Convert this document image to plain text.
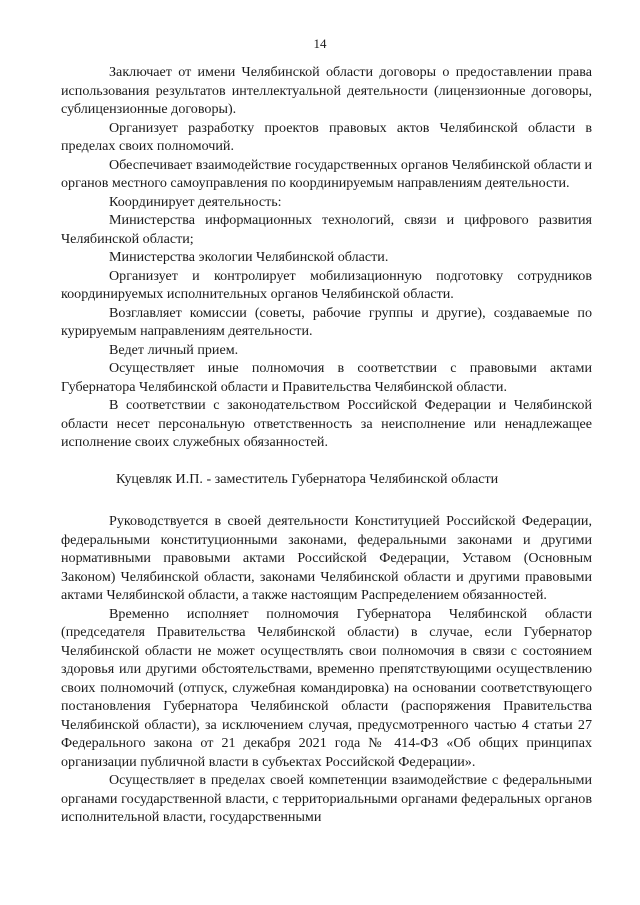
14

Заключает от имени Челябинской области договоры о предоставлении права использования результатов интеллектуальной деятельности (лицензионные договоры, сублицензионные договоры).

Организует разработку проектов правовых актов Челябинской области в пределах своих полномочий.

Обеспечивает взаимодействие государственных органов Челябинской области и органов местного самоуправления по координируемым направлениям деятельности.

Координирует деятельность:

Министерства информационных технологий, связи и цифрового развития Челябинской области;

Министерства экологии Челябинской области.

Организует и контролирует мобилизационную подготовку сотрудников координируемых исполнительных органов Челябинской области.

Возглавляет комиссии (советы, рабочие группы и другие), создаваемые по курируемым направлениям деятельности.

Ведет личный прием.

Осуществляет иные полномочия в соответствии с правовыми актами Губернатора Челябинской области и Правительства Челябинской области.

В соответствии с законодательством Российской Федерации и Челябинской области несет персональную ответственность за неисполнение или ненадлежащее исполнение своих служебных обязанностей.

Куцевляк И.П. - заместитель Губернатора Челябинской области

Руководствуется в своей деятельности Конституцией Российской Федерации, федеральными конституционными законами, федеральными законами и другими нормативными правовыми актами Российской Федерации, Уставом (Основным Законом) Челябинской области, законами Челябинской области и другими правовыми актами Челябинской области, а также настоящим Распределением обязанностей.

Временно исполняет полномочия Губернатора Челябинской области (председателя Правительства Челябинской области) в случае, если Губернатор Челябинской области не может осуществлять свои полномочия в связи с состоянием здоровья или другими обстоятельствами, временно препятствующими осуществлению своих полномочий (отпуск, служебная командировка) на основании соответствующего постановления Губернатора Челябинской области (распоряжения Правительства Челябинской области), за исключением случая, предусмотренного частью 4 статьи 27 Федерального закона от 21 декабря 2021 года № 414-ФЗ «Об общих принципах организации публичной власти в субъектах Российской Федерации».

Осуществляет в пределах своей компетенции взаимодействие с федеральными органами государственной власти, с территориальными органами федеральных органов исполнительной власти, государственными
